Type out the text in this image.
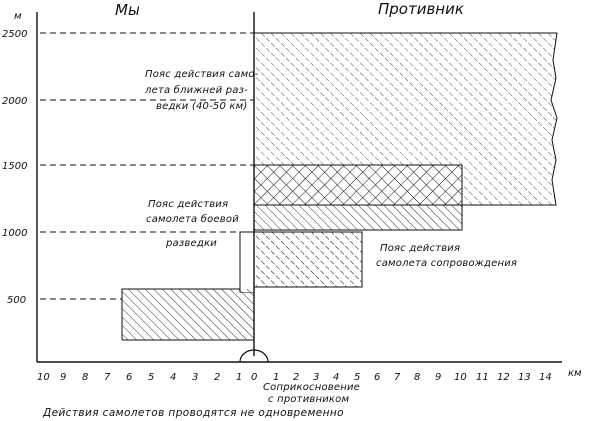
Мы	Противник
м
2500
2000
1500
1000
500
10 9 8 7 6 5 4 3 2 1 0 1 2 3 4 5 6 7 8 9 10 11 12 13 14 км
Пояс действия само-
лета ближней раз-
ведки (40-50 км)
Пояс действия
самолета боевой
разведки	Пояс действия
самолета сопровождения
Соприкосновение
с противником
Действия самолетов проводятся не одновременно
